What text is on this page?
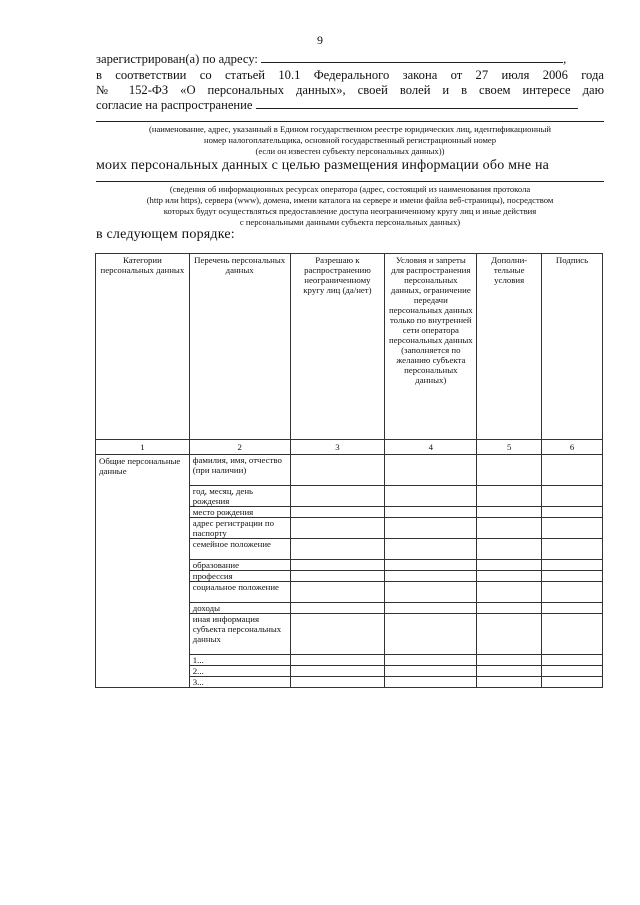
9
зарегистрирован(а) по адресу:	,
в соответствии со статьей 10.1 Федерального закона от 27 июля 2006 года
№ 152-ФЗ «О персональных данных», своей волей и в своем интересе даю
согласие на распространение
(наименование, адрес, указанный в Едином государственном реестре юридических лиц, идентификационный
номер налогоплательщика, основной государственный регистрационный номер
(если он известен субъекту персональных данных))
моих персональных данных с целью размещения информации обо мне на
(сведения об информационных ресурсах оператора (адрес, состоящий из наименования протокола
(http или https), сервера (www), домена, имени каталога на сервере и имени файла веб-страницы), посредством
которых будут осуществляться предоставление доступа неограниченному кругу лиц и иные действия
с персональными данными субъекта персональных данных)
в следующем порядке:
Категории персональных данных	Перечень персональных данных	Разрешаю к распространению неограниченному кругу лиц (да/нет)	Условия и запреты для распространения персональных данных, ограничение передачи персональных данных только по внутренней сети оператора персональных данных (заполняется по желанию субъекта персональных данных)	Дополни-тельные условия	Подпись
1	2	3	4	5	6
Общие персональные данные	фамилия, имя, отчество (при наличии)				
	год, месяц, день рождения				
	место рождения				
	адрес регистрации по паспорту				
	семейное положение				
	образование				
	профессия				
	социальное положение				
	доходы				
	иная информация субъекта персональных данных				
	1...				
	2...				
	3...				
